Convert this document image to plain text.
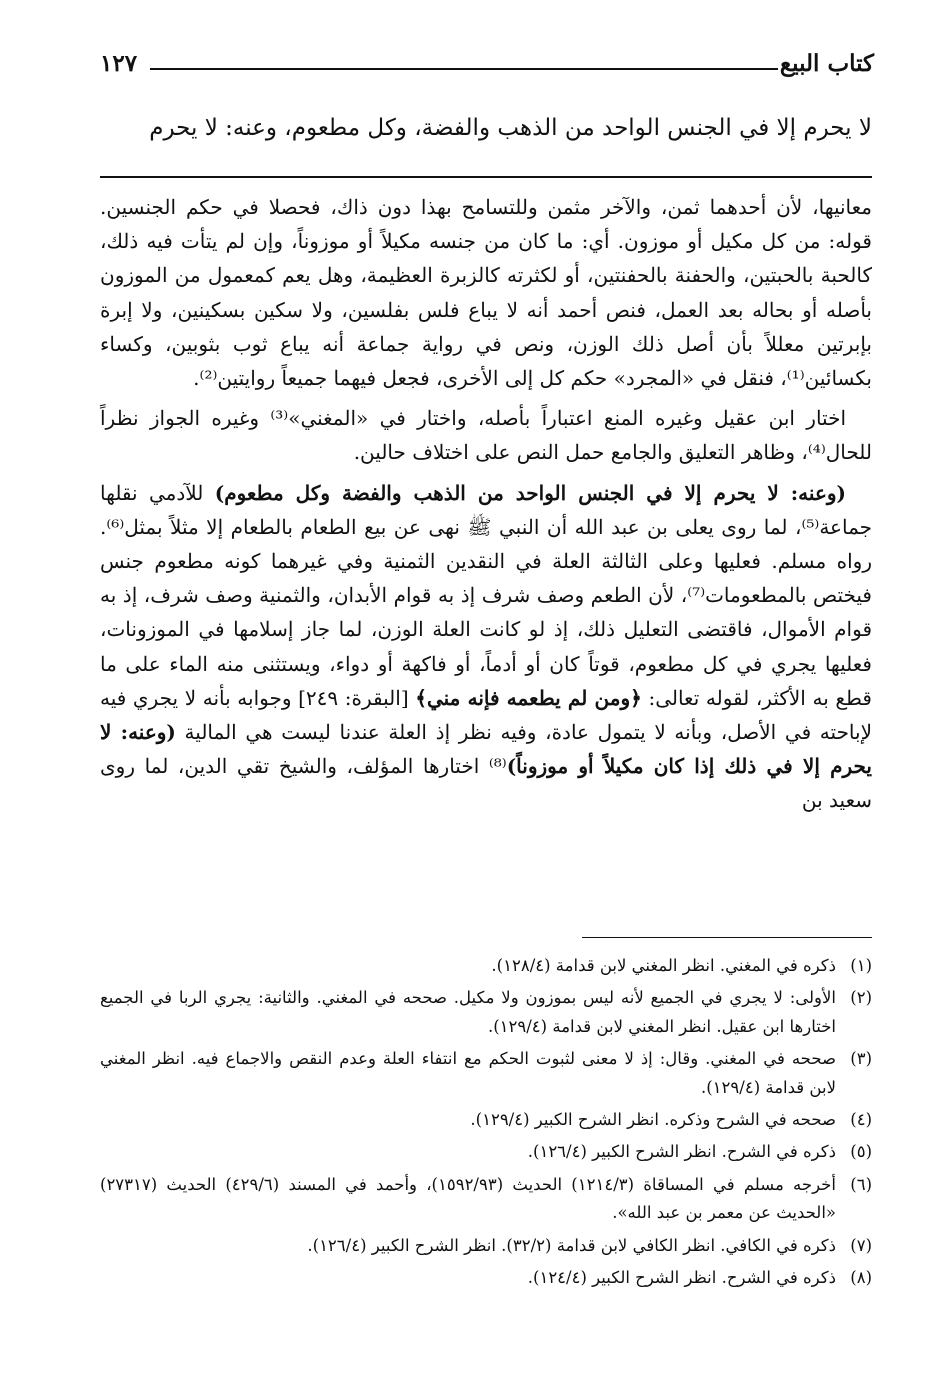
كتاب البيع
١٢٧
لا يحرم إلا في الجنس الواحد من الذهب والفضة، وكل مطعوم، وعنه: لا يحرم

معانيها، لأن أحدهما ثمن، والآخر مثمن وللتسامح بهذا دون ذاك، فحصلا في حكم الجنسين. قوله: من كل مكيل أو موزون. أي: ما كان من جنسه مكيلاً أو موزوناً، وإن لم يتأت فيه ذلك، كالحبة بالحبتين، والحفنة بالحفنتين، أو لكثرته كالزبرة العظيمة، وهل يعم كمعمول من الموزون بأصله أو بحاله بعد العمل، فنص أحمد أنه لا يباع فلس بفلسين، ولا سكين بسكينين، ولا إبرة بإبرتين معللاً بأن أصل ذلك الوزن، ونص في رواية جماعة أنه يباع ثوب بثوبين، وكساء بكسائين⁽¹⁾، فنقل في «المجرد» حكم كل إلى الأخرى، فجعل فيهما جميعاً روايتين⁽²⁾.

اختار ابن عقيل وغيره المنع اعتباراً بأصله، واختار في «المغني»⁽³⁾ وغيره الجواز نظراً للحال⁽⁴⁾، وظاهر التعليق والجامع حمل النص على اختلاف حالين.

(وعنه: لا يحرم إلا في الجنس الواحد من الذهب والفضة وكل مطعوم) للآدمي نقلها جماعة⁽⁵⁾، لما روى يعلى بن عبد الله أن النبي ﷺ نهى عن بيع الطعام بالطعام إلا مثلاً بمثل⁽⁶⁾. رواه مسلم. فعليها وعلى الثالثة العلة في النقدين الثمنية وفي غيرهما كونه مطعوم جنس فيختص بالمطعومات⁽⁷⁾، لأن الطعم وصف شرف إذ به قوام الأبدان، والثمنية وصف شرف، إذ به قوام الأموال، فاقتضى التعليل ذلك، إذ لو كانت العلة الوزن، لما جاز إسلامها في الموزونات، فعليها يجري في كل مطعوم، قوتاً كان أو أدماً، أو فاكهة أو دواء، ويستثنى منه الماء على ما قطع به الأكثر، لقوله تعالى: ﴿ومن لم يطعمه فإنه مني﴾ [البقرة: ٢٤٩] وجوابه بأنه لا يجري فيه لإباحته في الأصل، وبأنه لا يتمول عادة، وفيه نظر إذ العلة عندنا ليست هي المالية (وعنه: لا يحرم إلا في ذلك إذا كان مكيلاً أو موزوناً)⁽⁸⁾ اختارها المؤلف، والشيخ تقي الدين، لما روى سعيد بن

(١)
ذكره في المغني. انظر المغني لابن قدامة (١٢٨/٤).
(٢)
الأولى: لا يجري في الجميع لأنه ليس بموزون ولا مكيل. صححه في المغني. والثانية: يجري الربا في الجميع اختارها ابن عقيل. انظر المغني لابن قدامة (١٢٩/٤).
(٣)
صححه في المغني. وقال: إذ لا معنى لثبوت الحكم مع انتفاء العلة وعدم النقص والاجماع فيه. انظر المغني لابن قدامة (١٢٩/٤).
(٤)
صححه في الشرح وذكره. انظر الشرح الكبير (١٢٩/٤).
(٥)
ذكره في الشرح. انظر الشرح الكبير (١٢٦/٤).
(٦)
أخرجه مسلم في المساقاة (١٢١٤/٣) الحديث (١٥٩٢/٩٣)، وأحمد في المسند (٤٢٩/٦) الحديث (٢٧٣١٧) «الحديث عن معمر بن عبد الله».
(٧)
ذكره في الكافي. انظر الكافي لابن قدامة (٣٢/٢). انظر الشرح الكبير (١٢٦/٤).
(٨)
ذكره في الشرح. انظر الشرح الكبير (١٢٤/٤).
